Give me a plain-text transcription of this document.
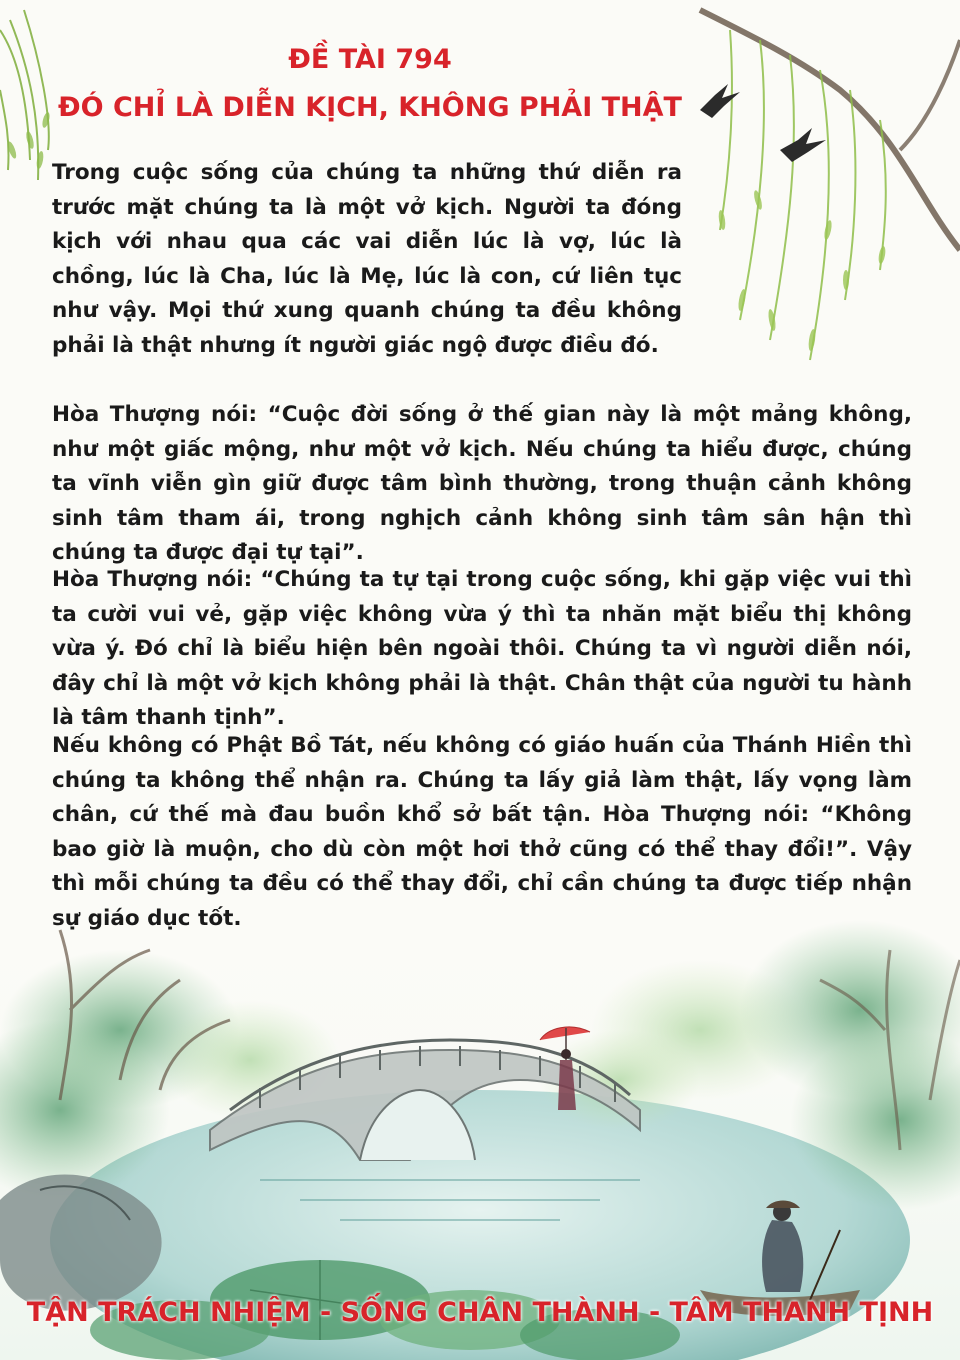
ĐỀ TÀI 794
ĐÓ CHỈ LÀ DIỄN KỊCH, KHÔNG PHẢI THẬT

Trong cuộc sống của chúng ta những thứ diễn ra trước mặt chúng ta là một vở kịch. Người ta đóng kịch với nhau qua các vai diễn lúc là vợ, lúc là chồng, lúc là Cha, lúc là Mẹ, lúc là con, cứ liên tục như vậy. Mọi thứ xung quanh chúng ta đều không phải là thật nhưng ít người giác ngộ được điều đó.

Hòa Thượng nói: “Cuộc đời sống ở thế gian này là một mảng không, như một giấc mộng, như một vở kịch. Nếu chúng ta hiểu được, chúng ta vĩnh viễn gìn giữ được tâm bình thường, trong thuận cảnh không sinh tâm tham ái, trong nghịch cảnh không sinh tâm sân hận thì chúng ta được đại tự tại”.

Hòa Thượng nói: “Chúng ta tự tại trong cuộc sống, khi gặp việc vui thì ta cười vui vẻ, gặp việc không vừa ý thì ta nhăn mặt biểu thị không vừa ý. Đó chỉ là biểu hiện bên ngoài thôi. Chúng ta vì người diễn nói, đây chỉ là một vở kịch không phải là thật. Chân thật của người tu hành là tâm thanh tịnh”.

Nếu không có Phật Bồ Tát, nếu không có giáo huấn của Thánh Hiền thì chúng ta không thể nhận ra. Chúng ta lấy giả làm thật, lấy vọng làm chân, cứ thế mà đau buồn khổ sở bất tận. Hòa Thượng nói: “Không bao giờ là muộn, cho dù còn một hơi thở cũng có thể thay đổi!”. Vậy thì mỗi chúng ta đều có thể thay đổi, chỉ cần chúng ta được tiếp nhận sự giáo dục tốt.

TẬN TRÁCH NHIỆM - SỐNG CHÂN THÀNH - TÂM THANH TỊNH
